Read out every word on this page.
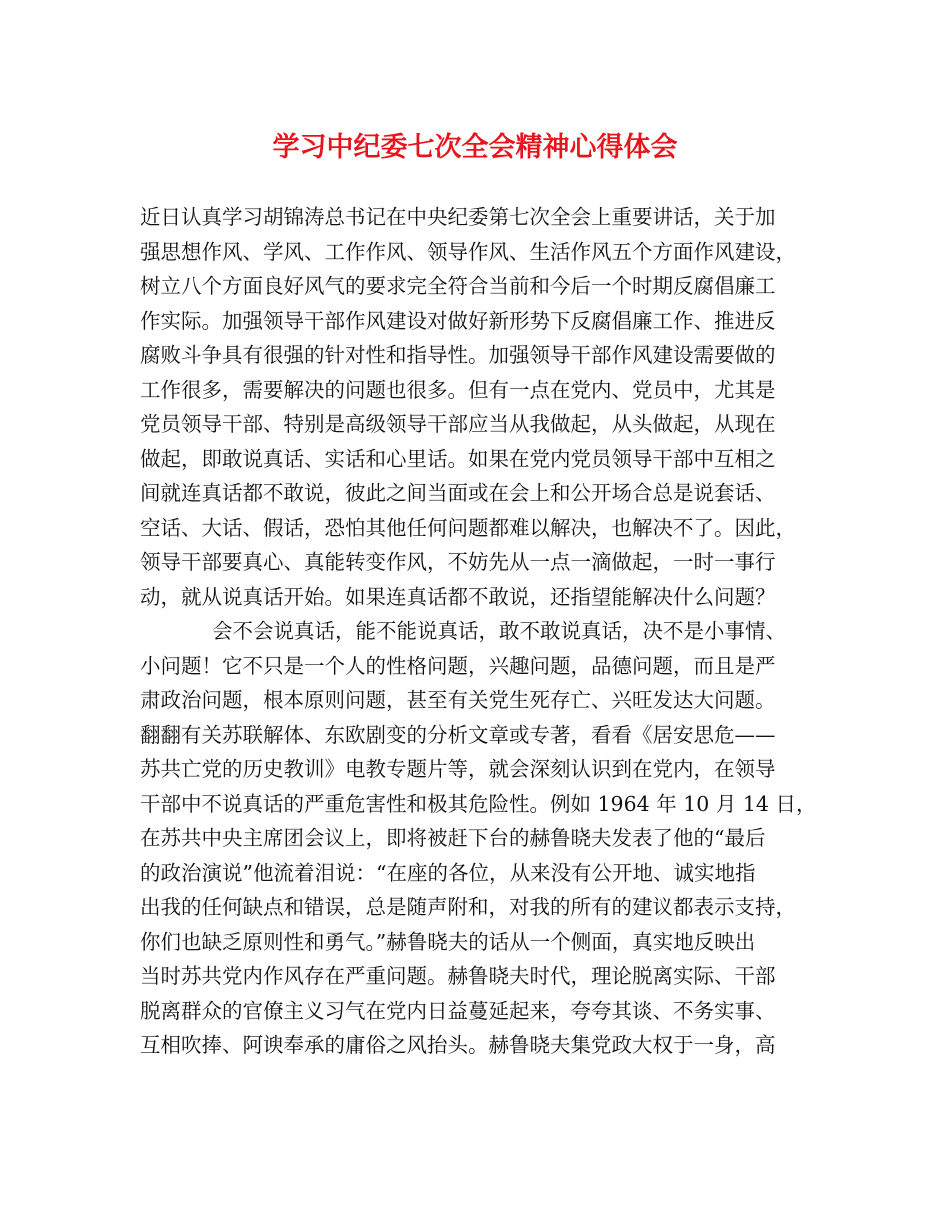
学习中纪委七次全会精神心得体会
近日认真学习胡锦涛总书记在中央纪委第七次全会上重要讲话，关于加
强思想作风、学风、工作作风、领导作风、生活作风五个方面作风建设，
树立八个方面良好风气的要求完全符合当前和今后一个时期反腐倡廉工
作实际。加强领导干部作风建设对做好新形势下反腐倡廉工作、推进反
腐败斗争具有很强的针对性和指导性。加强领导干部作风建设需要做的
工作很多，需要解决的问题也很多。但有一点在党内、党员中，尤其是
党员领导干部、特别是高级领导干部应当从我做起，从头做起，从现在
做起，即敢说真话、实话和心里话。如果在党内党员领导干部中互相之
间就连真话都不敢说，彼此之间当面或在会上和公开场合总是说套话、
空话、大话、假话，恐怕其他任何问题都难以解决，也解决不了。因此，
领导干部要真心、真能转变作风，不妨先从一点一滴做起，一时一事行
动，就从说真话开始。如果连真话都不敢说，还指望能解决什么问题？
会不会说真话，能不能说真话，敢不敢说真话，决不是小事情、
小问题！它不只是一个人的性格问题，兴趣问题，品德问题，而且是严
肃政治问题，根本原则问题，甚至有关党生死存亡、兴旺发达大问题。
翻翻有关苏联解体、东欧剧变的分析文章或专著，看看《居安思危——
苏共亡党的历史教训》电教专题片等，就会深刻认识到在党内，在领导
干部中不说真话的严重危害性和极其危险性。例如 1964 年 10 月 14 日，
在苏共中央主席团会议上，即将被赶下台的赫鲁晓夫发表了他的“最后
的政治演说”他流着泪说：“在座的各位，从来没有公开地、诚实地指
出我的任何缺点和错误，总是随声附和，对我的所有的建议都表示支持，
你们也缺乏原则性和勇气。”赫鲁晓夫的话从一个侧面，真实地反映出
当时苏共党内作风存在严重问题。赫鲁晓夫时代，理论脱离实际、干部
脱离群众的官僚主义习气在党内日益蔓延起来，夸夸其谈、不务实事、
互相吹捧、阿谀奉承的庸俗之风抬头。赫鲁晓夫集党政大权于一身，高
